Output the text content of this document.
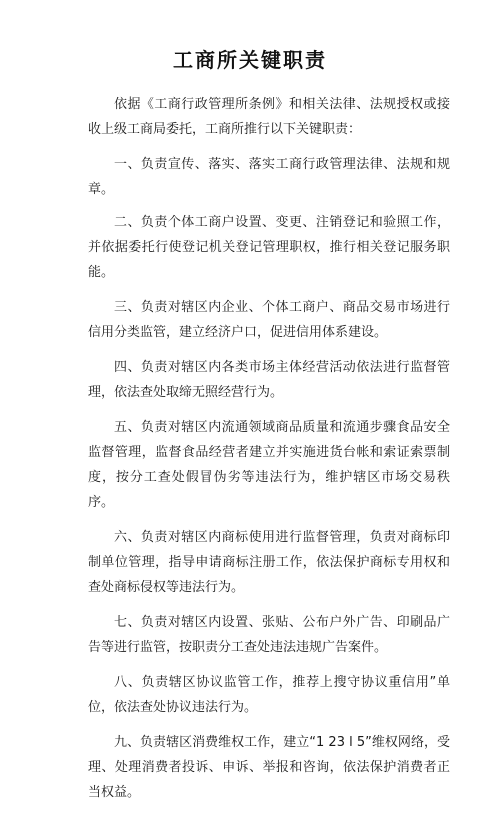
工商所关键职责

依据《工商行政管理所条例》和相关法律、法规授权或接收上级工商局委托，工商所推行以下关键职责：

一、负责宣传、落实、落实工商行政管理法律、法规和规章。

二、负责个体工商户设置、变更、注销登记和验照工作，并依据委托行使登记机关登记管理职权，推行相关登记服务职能。

三、负责对辖区内企业、个体工商户、商品交易市场进行信用分类监管，建立经济户口，促进信用体系建设。

四、负责对辖区内各类市场主体经营活动依法进行监督管理，依法查处取缔无照经营行为。

五、负责对辖区内流通领域商品质量和流通步骤食品安全监督管理，监督食品经营者建立并实施进货台帐和索证索票制度，按分工查处假冒伪劣等违法行为，维护辖区市场交易秩序。

六、负责对辖区内商标使用进行监督管理，负责对商标印制单位管理，指导申请商标注册工作，依法保护商标专用权和查处商标侵权等违法行为。

七、负责对辖区内设置、张贴、公布户外广告、印刷品广告等进行监管，按职责分工查处违法违规广告案件。

八、负责辖区协议监管工作，推荐上搜守协议重信用”单位，依法查处协议违法行为。

九、负责辖区消费维权工作，建立“1 23 l 5”维权网络，受理、处理消费者投诉、申诉、举报和咨询，依法保护消费者正当权益。
